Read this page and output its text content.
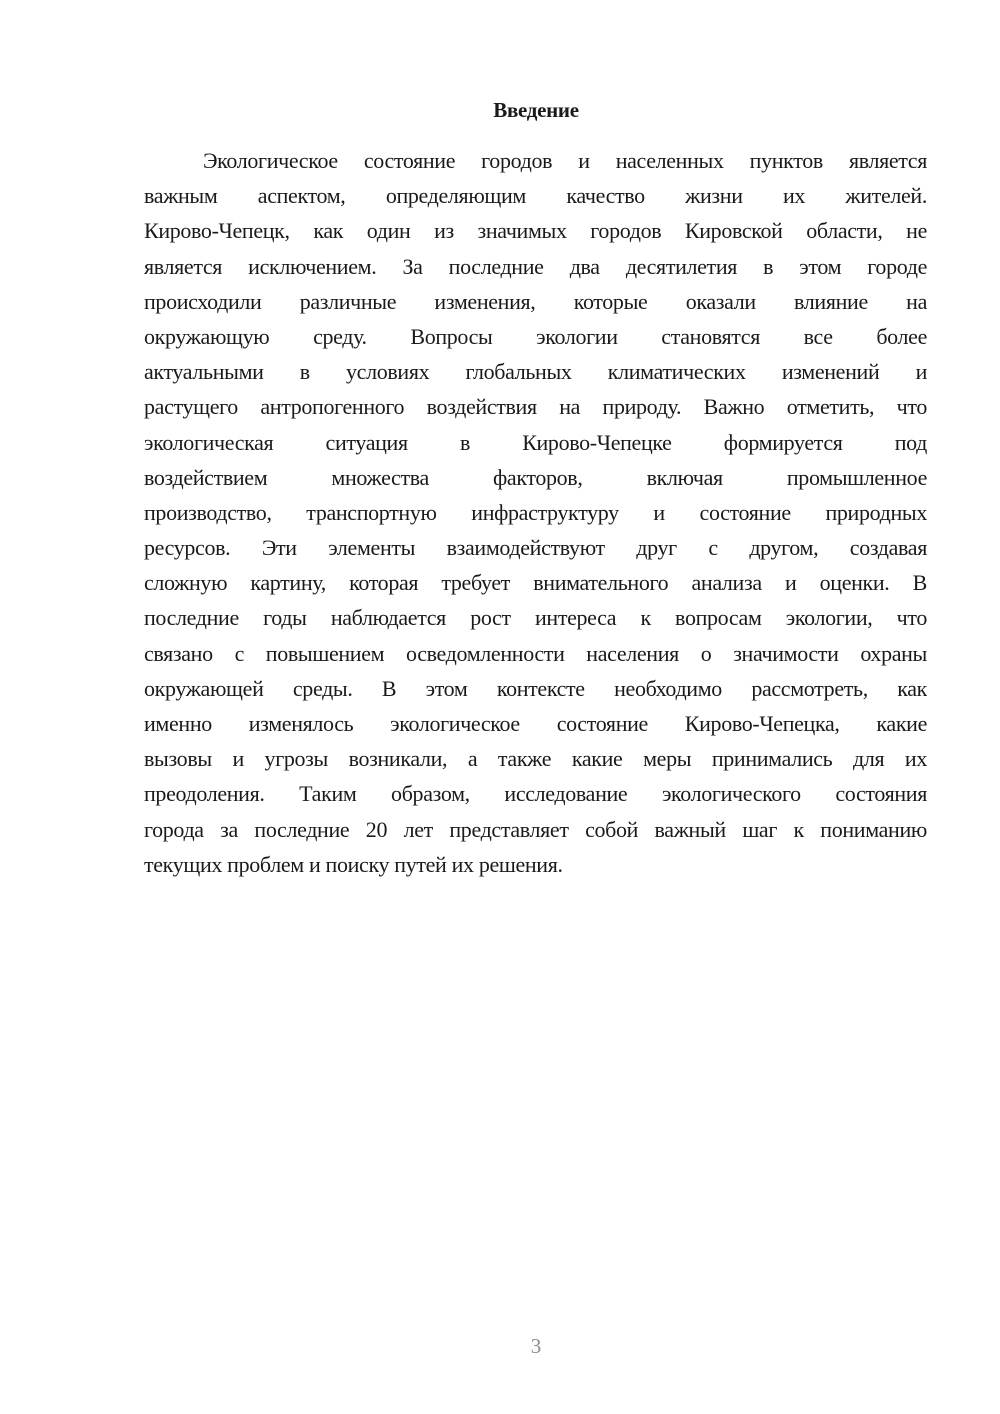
Введение
Экологическое состояние городов и населенных пунктов является
важным аспектом, определяющим качество жизни их жителей.
Кирово-Чепецк, как один из значимых городов Кировской области, не
является исключением. За последние два десятилетия в этом городе
происходили различные изменения, которые оказали влияние на
окружающую среду. Вопросы экологии становятся все более
актуальными в условиях глобальных климатических изменений и
растущего антропогенного воздействия на природу. Важно отметить, что
экологическая ситуация в Кирово-Чепецке формируется под
воздействием множества факторов, включая промышленное
производство, транспортную инфраструктуру и состояние природных
ресурсов. Эти элементы взаимодействуют друг с другом, создавая
сложную картину, которая требует внимательного анализа и оценки. В
последние годы наблюдается рост интереса к вопросам экологии, что
связано с повышением осведомленности населения о значимости охраны
окружающей среды. В этом контексте необходимо рассмотреть, как
именно изменялось экологическое состояние Кирово-Чепецка, какие
вызовы и угрозы возникали, а также какие меры принимались для их
преодоления. Таким образом, исследование экологического состояния
города за последние 20 лет представляет собой важный шаг к пониманию
текущих проблем и поиску путей их решения.
3
